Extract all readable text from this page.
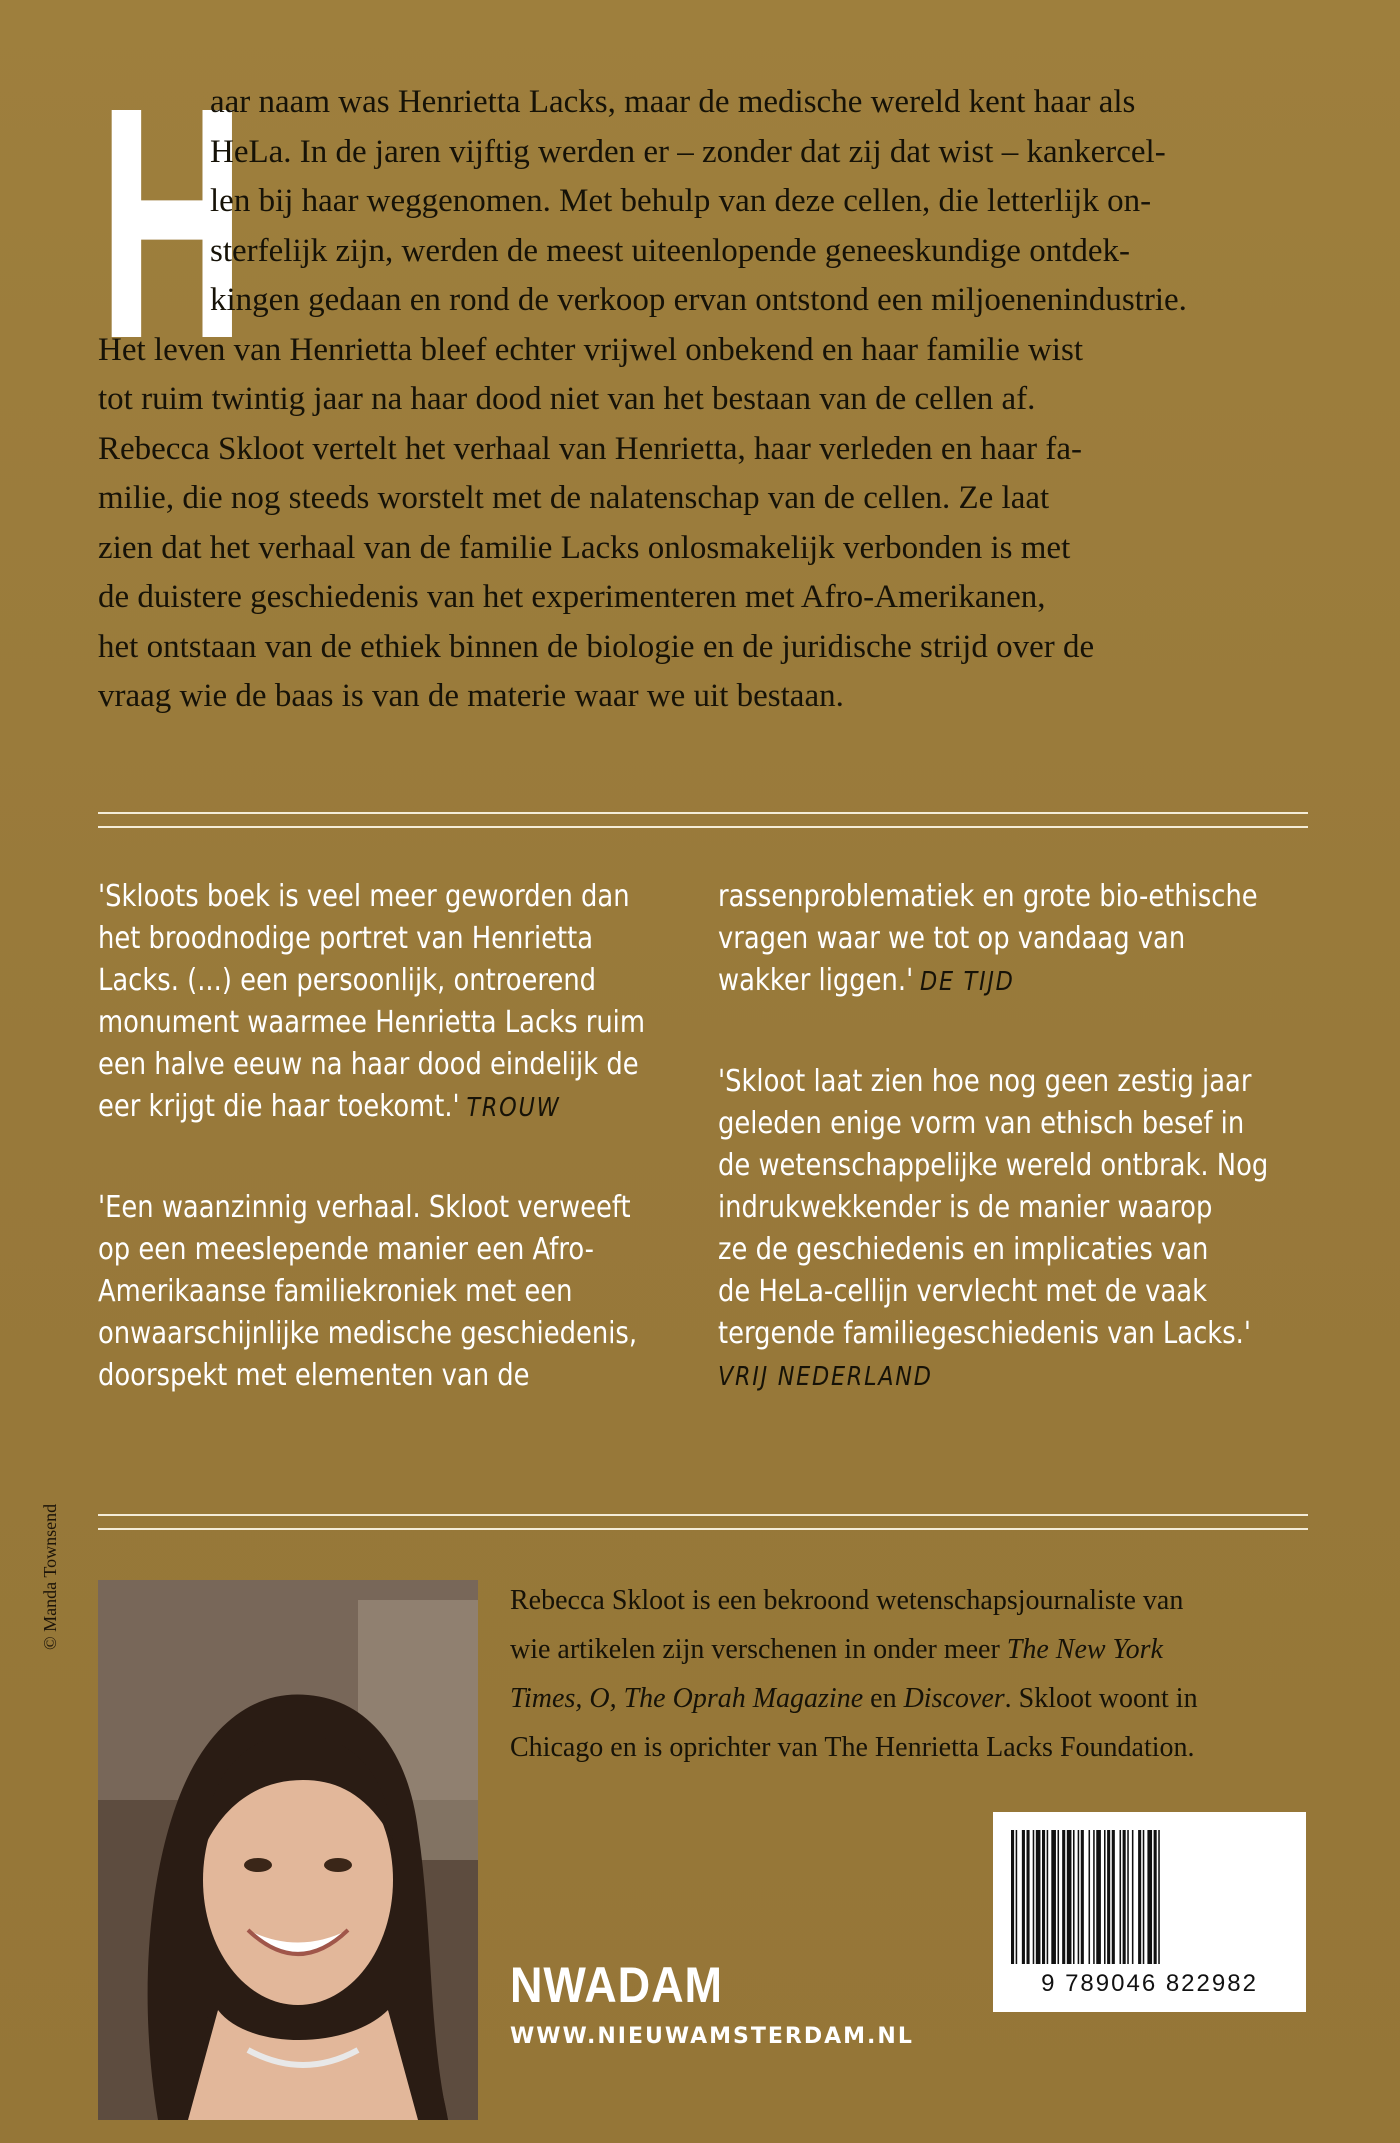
H

aar naam was Henrietta Lacks, maar de medische wereld kent haar als
HeLa. In de jaren vijftig werden er – zonder dat zij dat wist – kankercel-
len bij haar weggenomen. Met behulp van deze cellen, die letterlijk on-
sterfelijk zijn, werden de meest uiteenlopende geneeskundige ontdek-
kingen gedaan en rond de verkoop ervan ontstond een miljoenenindustrie.
Het leven van Henrietta bleef echter vrijwel onbekend en haar familie wist
tot ruim twintig jaar na haar dood niet van het bestaan van de cellen af.
Rebecca Skloot vertelt het verhaal van Henrietta, haar verleden en haar fa-
milie, die nog steeds worstelt met de nalatenschap van de cellen. Ze laat
zien dat het verhaal van de familie Lacks onlosmakelijk verbonden is met
de duistere geschiedenis van het experimenteren met Afro-Amerikanen,
het ontstaan van de ethiek binnen de biologie en de juridische strijd over de
vraag wie de baas is van de materie waar we uit bestaan.

'Skloots boek is veel meer geworden dan
het broodnodige portret van Henrietta
Lacks. (...) een persoonlijk, ontroerend
monument waarmee Henrietta Lacks ruim
een halve eeuw na haar dood eindelijk de
eer krijgt die haar toekomt.' TROUW

'Een waanzinnig verhaal. Skloot verweeft
op een meeslepende manier een Afro-
Amerikaanse familiekroniek met een
onwaarschijnlijke medische geschiedenis,
doorspekt met elementen van de

rassenproblematiek en grote bio-ethische
vragen waar we tot op vandaag van
wakker liggen.' DE TIJD

'Skloot laat zien hoe nog geen zestig jaar
geleden enige vorm van ethisch besef in
de wetenschappelijke wereld ontbrak. Nog
indrukwekkender is de manier waarop
ze de geschiedenis en implicaties van
de HeLa-cellijn vervlecht met de vaak
tergende familiegeschiedenis van Lacks.'
VRIJ NEDERLAND

© Manda Townsend	Rebecca Skloot is een bekroond wetenschapsjournaliste van
wie artikelen zijn verschenen in onder meer The New York
Times, O, The Oprah Magazine en Discover. Skloot woont in
Chicago en is oprichter van The Henrietta Lacks Foundation.

NWADAM
WWW.NIEUWAMSTERDAM.NL
9 789046 822982
